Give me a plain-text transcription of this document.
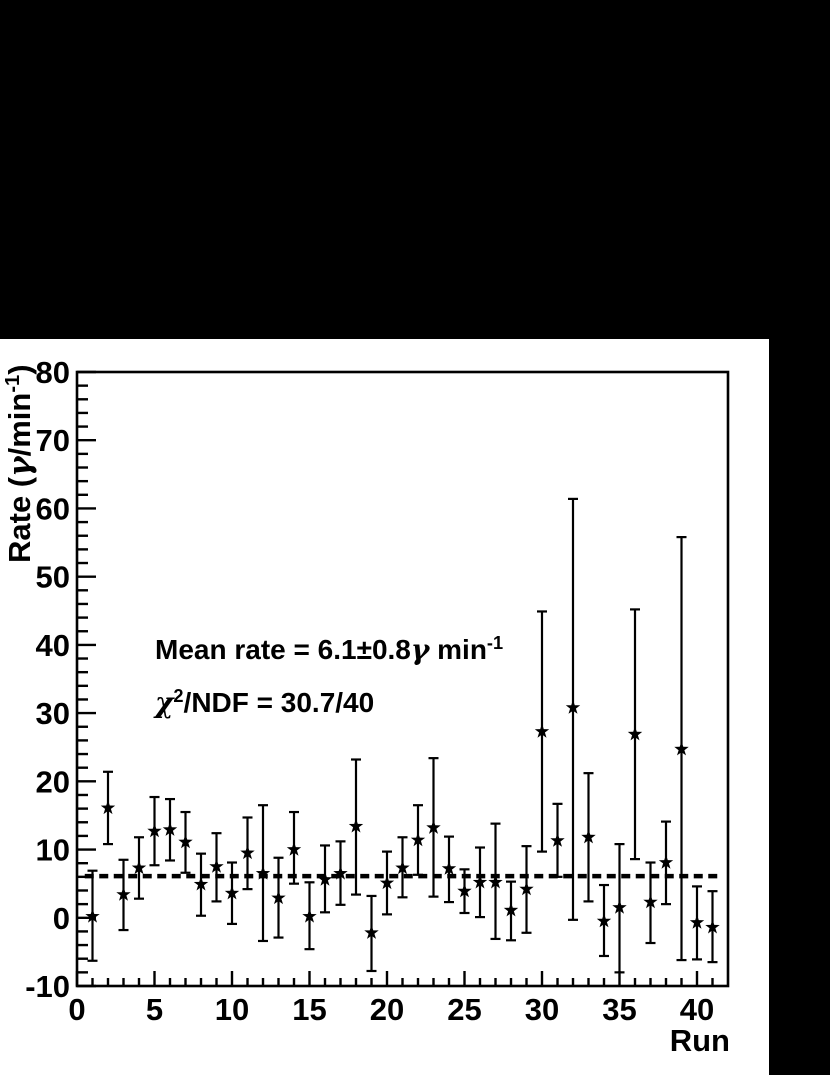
-10
0
10
20
30
40
50
60
70
80
0 5 10 15 20 25 30 35 40
Rate $(\gamma/\min^{-1})$
Run
Mean rate = 6.1±0.8γ $\min^{-1}$
$\chi^2$/NDF = 30.7/40
